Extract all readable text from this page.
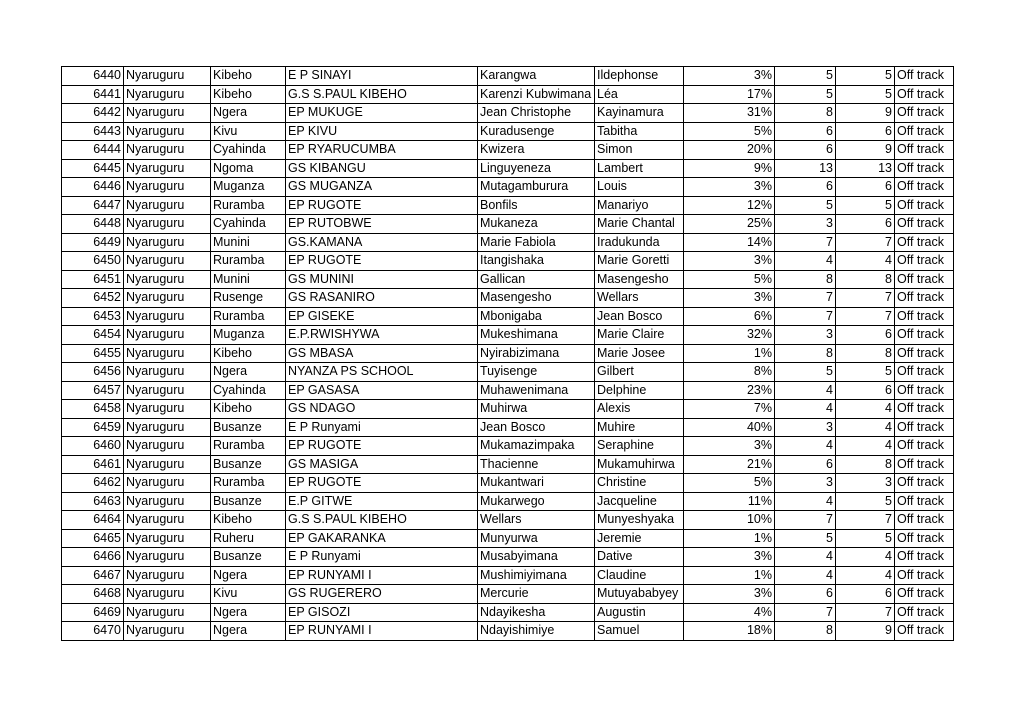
6440	Nyaruguru	Kibeho	E P SINAYI	Karangwa	Ildephonse	3%	5	5	Off track
6441	Nyaruguru	Kibeho	G.S S.PAUL KIBEHO	Karenzi Kubwimana	Léa	17%	5	5	Off track
6442	Nyaruguru	Ngera	EP MUKUGE	Jean Christophe	Kayinamura	31%	8	9	Off track
6443	Nyaruguru	Kivu	EP KIVU	Kuradusenge	Tabitha	5%	6	6	Off track
6444	Nyaruguru	Cyahinda	EP RYARUCUMBA	Kwizera	Simon	20%	6	9	Off track
6445	Nyaruguru	Ngoma	GS KIBANGU	Linguyeneza	Lambert	9%	13	13	Off track
6446	Nyaruguru	Muganza	GS MUGANZA	Mutagamburura	Louis	3%	6	6	Off track
6447	Nyaruguru	Ruramba	EP RUGOTE	Bonfils	Manariyo	12%	5	5	Off track
6448	Nyaruguru	Cyahinda	EP RUTOBWE	Mukaneza	Marie Chantal	25%	3	6	Off track
6449	Nyaruguru	Munini	GS.KAMANA	Marie Fabiola	Iradukunda	14%	7	7	Off track
6450	Nyaruguru	Ruramba	EP RUGOTE	Itangishaka	Marie Goretti	3%	4	4	Off track
6451	Nyaruguru	Munini	GS MUNINI	Gallican	Masengesho	5%	8	8	Off track
6452	Nyaruguru	Rusenge	GS RASANIRO	Masengesho	Wellars	3%	7	7	Off track
6453	Nyaruguru	Ruramba	EP GISEKE	Mbonigaba	Jean Bosco	6%	7	7	Off track
6454	Nyaruguru	Muganza	E.P.RWISHYWA	Mukeshimana	Marie Claire	32%	3	6	Off track
6455	Nyaruguru	Kibeho	GS MBASA	Nyirabizimana	Marie Josee	1%	8	8	Off track
6456	Nyaruguru	Ngera	NYANZA PS SCHOOL	Tuyisenge	Gilbert	8%	5	5	Off track
6457	Nyaruguru	Cyahinda	EP GASASA	Muhawenimana	Delphine	23%	4	6	Off track
6458	Nyaruguru	Kibeho	GS NDAGO	Muhirwa	Alexis	7%	4	4	Off track
6459	Nyaruguru	Busanze	E P Runyami	Jean Bosco	Muhire	40%	3	4	Off track
6460	Nyaruguru	Ruramba	EP RUGOTE	Mukamazimpaka	Seraphine	3%	4	4	Off track
6461	Nyaruguru	Busanze	GS MASIGA	Thacienne	Mukamuhirwa	21%	6	8	Off track
6462	Nyaruguru	Ruramba	EP RUGOTE	Mukantwari	Christine	5%	3	3	Off track
6463	Nyaruguru	Busanze	E.P GITWE	Mukarwego	Jacqueline	11%	4	5	Off track
6464	Nyaruguru	Kibeho	G.S S.PAUL KIBEHO	Wellars	Munyeshyaka	10%	7	7	Off track
6465	Nyaruguru	Ruheru	EP GAKARANKA	Munyurwa	Jeremie	1%	5	5	Off track
6466	Nyaruguru	Busanze	E P Runyami	Musabyimana	Dative	3%	4	4	Off track
6467	Nyaruguru	Ngera	EP RUNYAMI I	Mushimiyimana	Claudine	1%	4	4	Off track
6468	Nyaruguru	Kivu	GS RUGERERO	Mercurie	Mutuyababyey	3%	6	6	Off track
6469	Nyaruguru	Ngera	EP GISOZI	Ndayikesha	Augustin	4%	7	7	Off track
6470	Nyaruguru	Ngera	EP RUNYAMI I	Ndayishimiye	Samuel	18%	8	9	Off track
